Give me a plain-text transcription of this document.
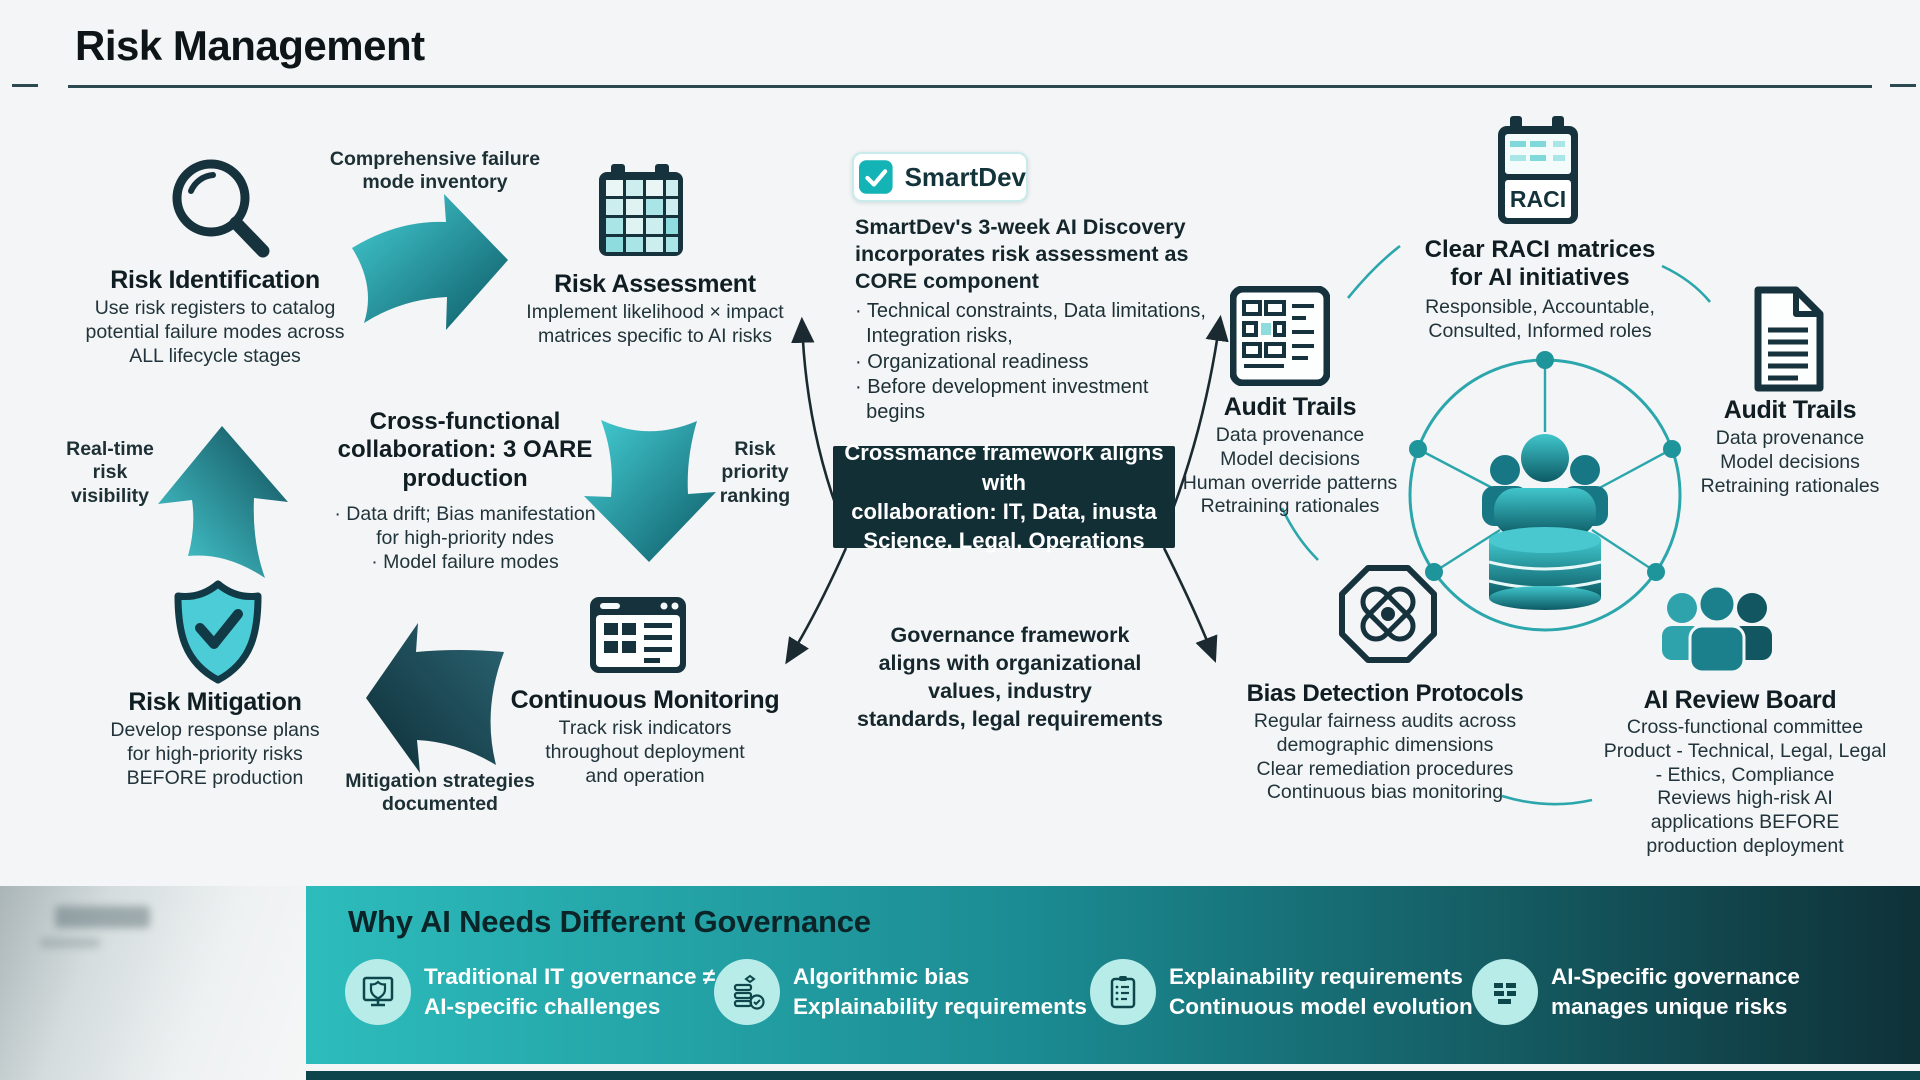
Risk Management
Risk Identification
Use risk registers to catalog
potential failure modes across
ALL lifecycle stages
Comprehensive failure
mode inventory
Risk Assessment
Implement likelihood × impact
matrices specific to AI risks
Cross-functional
collaboration: 3 OARE
production
· Data drift; Bias manifestation
for high-priority ndes
· Model failure modes
Risk
priority
ranking
Continuous Monitoring
Track risk indicators
throughout deployment
and operation
Mitigation strategies
documented
Risk Mitigation
Develop response plans
for high-priority risks
BEFORE production
Real-time
risk
visibility
SmartDev
SmartDev's 3-week AI Discovery
incorporates risk assessment as
CORE component
· Technical constraints, Data limitations,
Integration risks,
· Organizational readiness
· Before development investment
begins
Crossmance framework aligns with
collaboration: IT, Data, inusta
Science, Legal, Operations
Governance framework
aligns with organizational
values, industry
standards, legal requirements
Audit Trails
Data provenance
Model decisions
Human override patterns
Retraining rationales
RACI
Clear RACI matrices
for AI initiatives
Responsible, Accountable,
Consulted, Informed roles
Audit Trails
Data provenance
Model decisions
Retraining rationales
Bias Detection Protocols
Regular fairness audits across
demographic dimensions
Clear remediation procedures
Continuous bias monitoring
AI Review Board
Cross-functional committee
Product - Technical, Legal, Legal
- Ethics, Compliance
Reviews high-risk AI
applications BEFORE
production deployment
Why AI Needs Different Governance
Traditional IT governance ≠
AI-specific challenges
Algorithmic bias
Explainability requirements
Explainability requirements
Continuous model evolution
AI-Specific governance
manages unique risks
